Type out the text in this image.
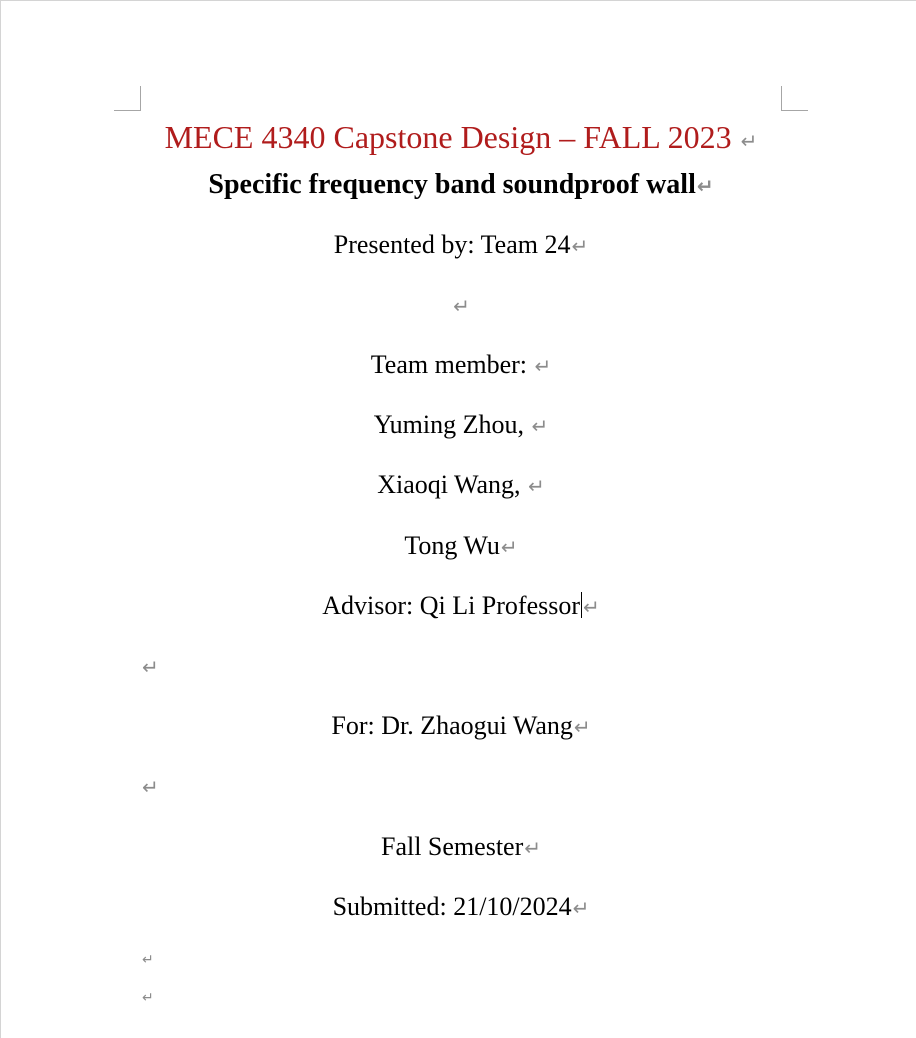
MECE 4340 Capstone Design – FALL 2023 ↵
Specific frequency band soundproof wall↵
Presented by: Team 24↵
↵
Team member: ↵
Yuming Zhou, ↵
Xiaoqi Wang, ↵
Tong Wu↵
Advisor: Qi Li Professor ↵
↵
For: Dr. Zhaogui Wang↵
↵
Fall Semester↵
Submitted: 21/10/2024↵
↵
↵
